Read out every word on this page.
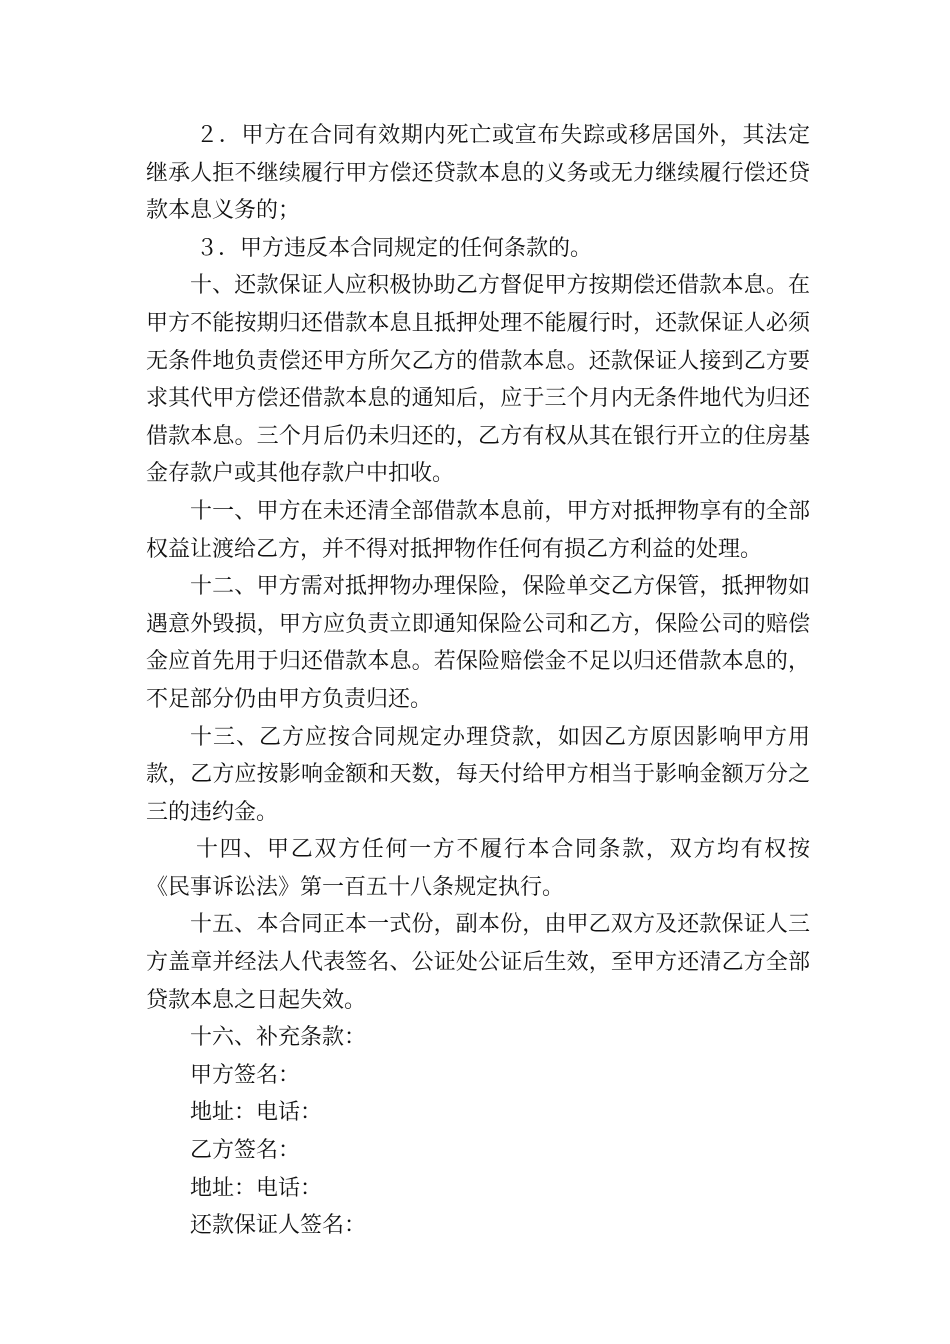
２．甲方在合同有效期内死亡或宣布失踪或移居国外，其法定继承人拒不继续履行甲方偿还贷款本息的义务或无力继续履行偿还贷款本息义务的；

３．甲方违反本合同规定的任何条款的。

十、还款保证人应积极协助乙方督促甲方按期偿还借款本息。在甲方不能按期归还借款本息且抵押处理不能履行时，还款保证人必须无条件地负责偿还甲方所欠乙方的借款本息。还款保证人接到乙方要求其代甲方偿还借款本息的通知后，应于三个月内无条件地代为归还借款本息。三个月后仍未归还的，乙方有权从其在银行开立的住房基金存款户或其他存款户中扣收。

十一、甲方在未还清全部借款本息前，甲方对抵押物享有的全部权益让渡给乙方，并不得对抵押物作任何有损乙方利益的处理。

十二、甲方需对抵押物办理保险，保险单交乙方保管，抵押物如遇意外毁损，甲方应负责立即通知保险公司和乙方，保险公司的赔偿金应首先用于归还借款本息。若保险赔偿金不足以归还借款本息的，不足部分仍由甲方负责归还。

十三、乙方应按合同规定办理贷款，如因乙方原因影响甲方用款，乙方应按影响金额和天数，每天付给甲方相当于影响金额万分之三的违约金。

十四、甲乙双方任何一方不履行本合同条款，双方均有权按《民事诉讼法》第一百五十八条规定执行。

十五、本合同正本一式份，副本份，由甲乙双方及还款保证人三方盖章并经法人代表签名、公证处公证后生效，至甲方还清乙方全部贷款本息之日起失效。

十六、补充条款：

甲方签名：

地址：电话：

乙方签名：

地址：电话：

还款保证人签名：
